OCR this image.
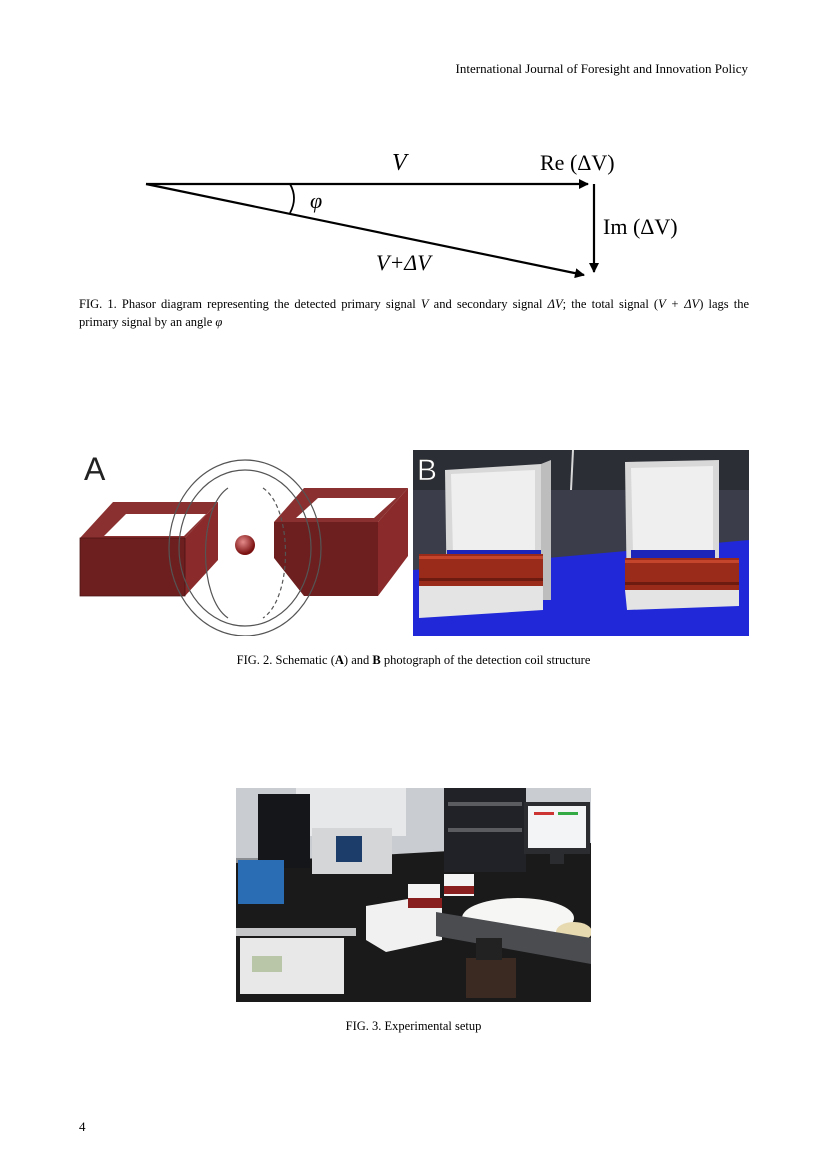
International Journal of Foresight and Innovation Policy
V	Re (ΔV)
Im (ΔV)
V+ΔV
φ
FIG. 1. Phasor diagram representing the detected primary signal V and secondary signal ΔV; the total signal (V + ΔV) lags the primary signal by an angle φ
A	B
FIG. 2. Schematic (A) and B photograph of the detection coil structure
FIG. 3. Experimental setup
4
